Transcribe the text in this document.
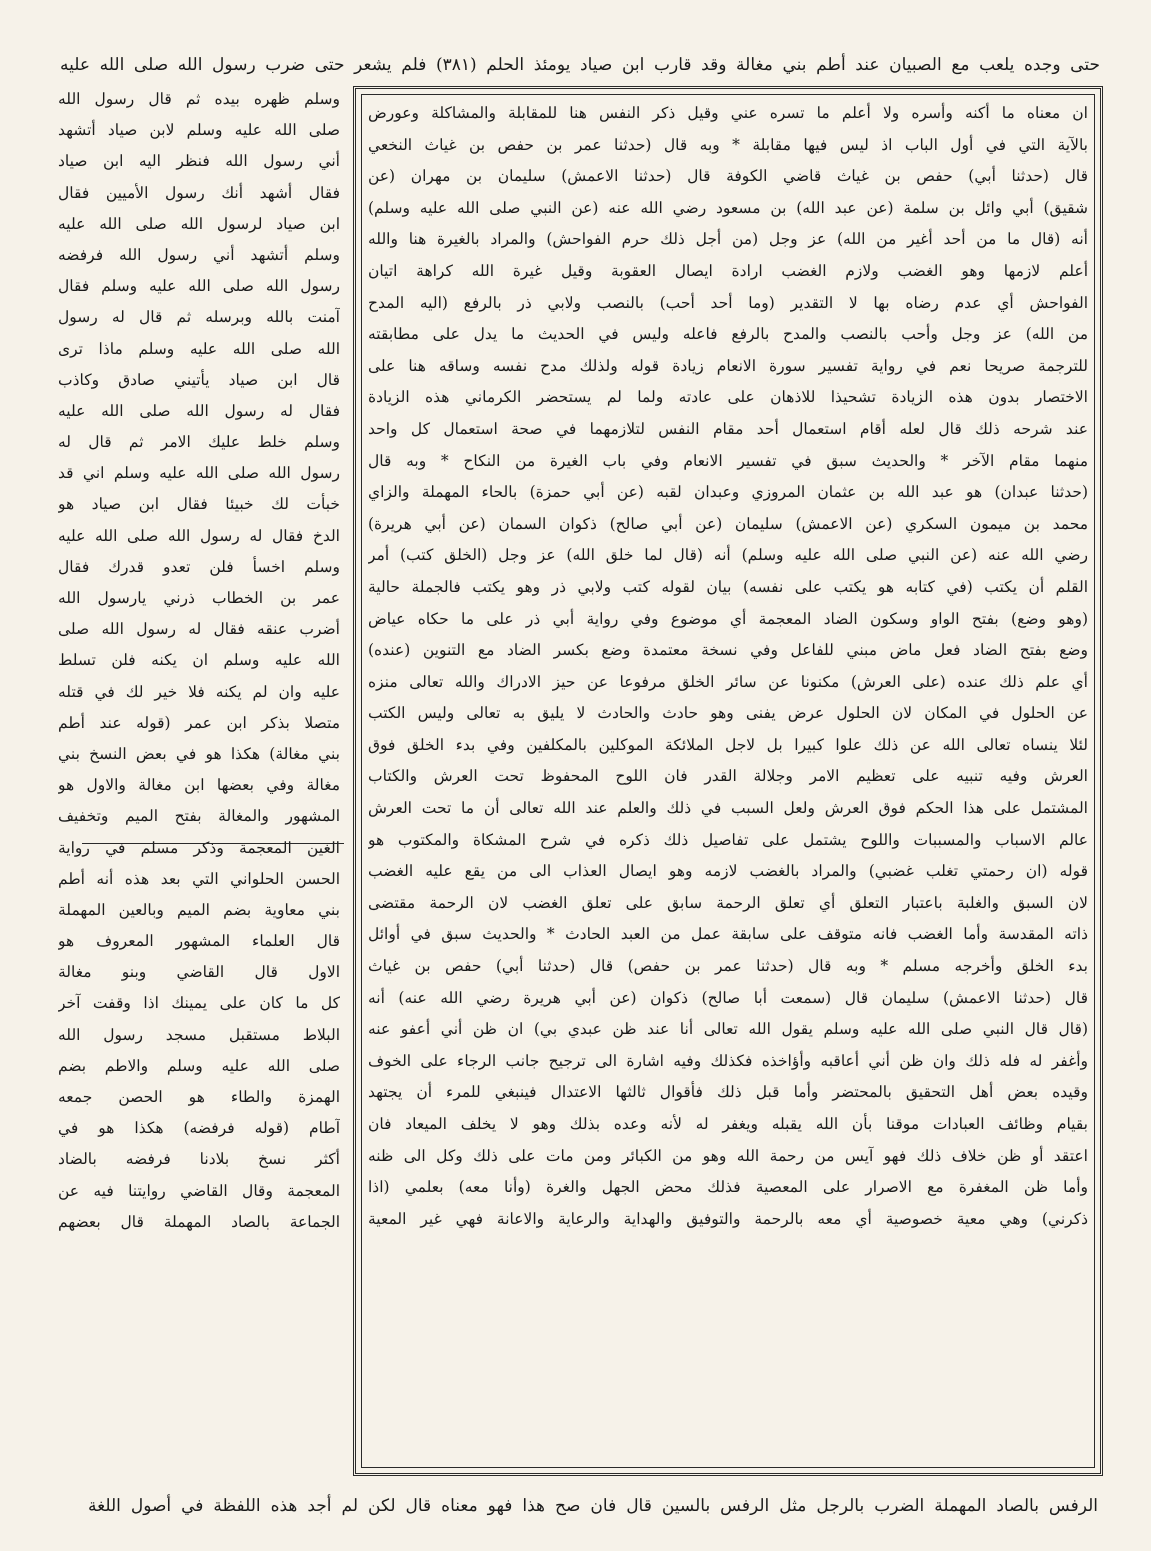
حتى وجده يلعب مع الصبيان عند أطم بني مغالة وقد قارب ابن صياد يومئذ الحلم (٣٨١) فلم يشعر حتى ضرب رسول الله صلى الله عليه
ان معناه ما أكنه وأسره ولا أعلم ما تسره عني وقيل ذكر النفس هنا للمقابلة والمشاكلة وعورض
بالآية التي في أول الباب اذ ليس فيها مقابلة * وبه قال (حدثنا عمر بن حفص بن غياث النخعي
قال (حدثنا أبي) حفص بن غياث قاضي الكوفة قال (حدثنا الاعمش) سليمان بن مهران (عن
شقيق) أبي وائل بن سلمة (عن عبد الله) بن مسعود رضي الله عنه (عن النبي صلى الله عليه وسلم)
أنه (قال ما من أحد أغير من الله) عز وجل (من أجل ذلك حرم الفواحش) والمراد بالغيرة هنا والله
أعلم لازمها وهو الغضب ولازم الغضب ارادة ايصال العقوبة وقيل غيرة الله كراهة اتيان
الفواحش أي عدم رضاه بها لا التقدير (وما أحد أحب) بالنصب ولابي ذر بالرفع (اليه المدح
من الله) عز وجل وأحب بالنصب والمدح بالرفع فاعله وليس في الحديث ما يدل على مطابقته
للترجمة صريحا نعم في رواية تفسير سورة الانعام زيادة قوله ولذلك مدح نفسه وساقه هنا على
الاختصار بدون هذه الزيادة تشحيذا للاذهان على عادته ولما لم يستحضر الكرماني هذه الزيادة
عند شرحه ذلك قال لعله أقام استعمال أحد مقام النفس لتلازمهما في صحة استعمال كل واحد
منهما مقام الآخر * والحديث سبق في تفسير الانعام وفي باب الغيرة من النكاح * وبه قال
(حدثنا عبدان) هو عبد الله بن عثمان المروزي وعبدان لقبه (عن أبي حمزة) بالحاء المهملة والزاي
محمد بن ميمون السكري (عن الاعمش) سليمان (عن أبي صالح) ذكوان السمان (عن أبي هريرة)
رضي الله عنه (عن النبي صلى الله عليه وسلم) أنه (قال لما خلق الله) عز وجل (الخلق كتب) أمر
القلم أن يكتب (في كتابه هو يكتب على نفسه) بيان لقوله كتب ولابي ذر وهو يكتب فالجملة حالية
(وهو وضع) بفتح الواو وسكون الضاد المعجمة أي موضوع وفي رواية أبي ذر على ما حكاه عياض
وضع بفتح الضاد فعل ماض مبني للفاعل وفي نسخة معتمدة وضع بكسر الضاد مع التنوين (عنده)
أي علم ذلك عنده (على العرش) مكنونا عن سائر الخلق مرفوعا عن حيز الادراك والله تعالى منزه
عن الحلول في المكان لان الحلول عرض يفنى وهو حادث والحادث لا يليق به تعالى وليس الكتب
لئلا ينساه تعالى الله عن ذلك علوا كبيرا بل لاجل الملائكة الموكلين بالمكلفين وفي بدء الخلق فوق
العرش وفيه تنبيه على تعظيم الامر وجلالة القدر فان اللوح المحفوظ تحت العرش والكتاب
المشتمل على هذا الحكم فوق العرش ولعل السبب في ذلك والعلم عند الله تعالى أن ما تحت العرش
عالم الاسباب والمسببات واللوح يشتمل على تفاصيل ذلك ذكره في شرح المشكاة والمكتوب هو
قوله (ان رحمتي تغلب غضبي) والمراد بالغضب لازمه وهو ايصال العذاب الى من يقع عليه الغضب
لان السبق والغلبة باعتبار التعلق أي تعلق الرحمة سابق على تعلق الغضب لان الرحمة مقتضى
ذاته المقدسة وأما الغضب فانه متوقف على سابقة عمل من العبد الحادث * والحديث سبق في أوائل
بدء الخلق وأخرجه مسلم * وبه قال (حدثنا عمر بن حفص) قال (حدثنا أبي) حفص بن غياث
قال (حدثنا الاعمش) سليمان قال (سمعت أبا صالح) ذكوان (عن أبي هريرة رضي الله عنه) أنه
(قال قال النبي صلى الله عليه وسلم يقول الله تعالى أنا عند ظن عبدي بي) ان ظن أني أعفو عنه
وأغفر له فله ذلك وان ظن أني أعاقبه وأؤاخذه فكذلك وفيه اشارة الى ترجيح جانب الرجاء على الخوف
وقيده بعض أهل التحقيق بالمحتضر وأما قبل ذلك فأقوال ثالثها الاعتدال فينبغي للمرء أن يجتهد
بقيام وظائف العبادات موقنا بأن الله يقبله ويغفر له لأنه وعده بذلك وهو لا يخلف الميعاد فان
اعتقد أو ظن خلاف ذلك فهو آيس من رحمة الله وهو من الكبائر ومن مات على ذلك وكل الى ظنه
وأما ظن المغفرة مع الاصرار على المعصية فذلك محض الجهل والغرة (وأنا معه) بعلمي (اذا
ذكرني) وهي معية خصوصية أي معه بالرحمة والتوفيق والهداية والرعاية والاعانة فهي غير المعية
وسلم ظهره بيده ثم قال رسول الله
صلى الله عليه وسلم لابن صياد أتشهد
أني رسول الله فنظر اليه ابن صياد
فقال أشهد أنك رسول الأميين فقال
ابن صياد لرسول الله صلى الله عليه
وسلم أتشهد أني رسول الله فرفضه
رسول الله صلى الله عليه وسلم فقال
آمنت بالله وبرسله ثم قال له رسول
الله صلى الله عليه وسلم ماذا ترى
قال ابن صياد يأتيني صادق وكاذب
فقال له رسول الله صلى الله عليه
وسلم خلط عليك الامر ثم قال له
رسول الله صلى الله عليه وسلم اني قد
خبأت لك خبيئا فقال ابن صياد هو
الدخ فقال له رسول الله صلى الله عليه
وسلم اخسأ فلن تعدو قدرك فقال
عمر بن الخطاب ذرني يارسول الله
أضرب عنقه فقال له رسول الله صلى
الله عليه وسلم ان يكنه فلن تسلط
عليه وان لم يكنه فلا خير لك في قتله
متصلا بذكر ابن عمر (قوله عند أطم
بني مغالة) هكذا هو في بعض النسخ بني
مغالة وفي بعضها ابن مغالة والاول هو
المشهور والمغالة بفتح الميم وتخفيف
الغين المعجمة وذكر مسلم في رواية
الحسن الحلواني التي بعد هذه أنه أطم
بني معاوية بضم الميم وبالعين المهملة
قال العلماء المشهور المعروف هو
الاول قال القاضي وبنو مغالة
كل ما كان على يمينك اذا وقفت آخر
البلاط مستقبل مسجد رسول الله
صلى الله عليه وسلم والاطم بضم
الهمزة والطاء هو الحصن جمعه
آطام (قوله فرفضه) هكذا هو في
أكثر نسخ بلادنا فرفضه بالضاد
المعجمة وقال القاضي روايتنا فيه عن
الجماعة بالصاد المهملة قال بعضهم
الرفس بالصاد المهملة الضرب بالرجل مثل الرفس بالسين قال فان صح هذا فهو معناه قال لكن لم أجد هذه اللفظة في أصول اللغة
